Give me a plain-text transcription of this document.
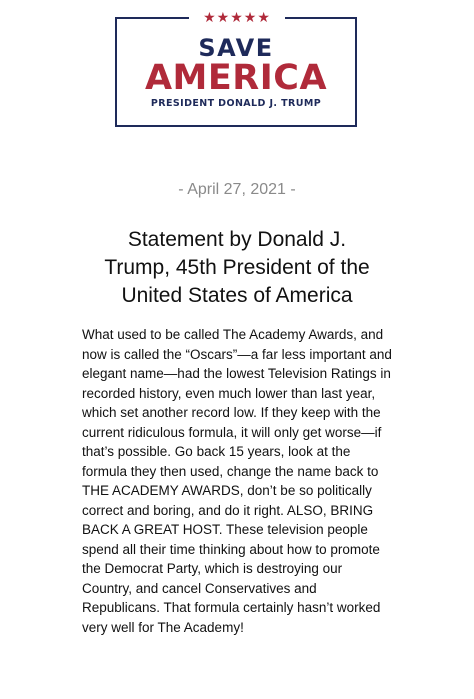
★★★★★
SAVE
AMERICA
PRESIDENT DONALD J. TRUMP
- April 27, 2021 -
Statement by Donald J. Trump, 45th President of the United States of America
What used to be called The Academy Awards, and
now is called the “Oscars”—a far less important and
elegant name—had the lowest Television Ratings in
recorded history, even much lower than last year,
which set another record low. If they keep with the
current ridiculous formula, it will only get worse—if
that’s possible. Go back 15 years, look at the
formula they then used, change the name back to
THE ACADEMY AWARDS, don’t be so politically
correct and boring, and do it right. ALSO, BRING
BACK A GREAT HOST. These television people
spend all their time thinking about how to promote
the Democrat Party, which is destroying our
Country, and cancel Conservatives and
Republicans. That formula certainly hasn’t worked
very well for The Academy!
